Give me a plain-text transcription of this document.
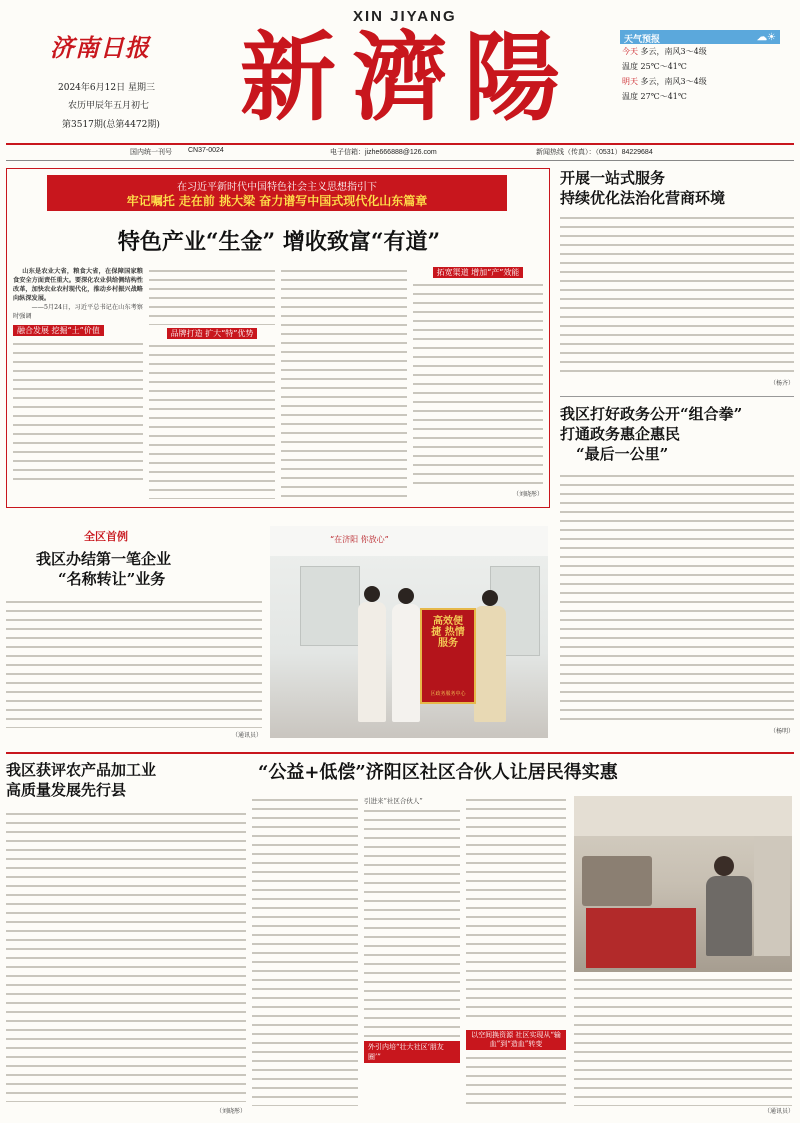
济南日报
2024年6月12日 星期三
农历甲辰年五月初七
第3517期(总第4472期)
XIN JIYANG
新濟陽	天气预报	☁☀
今天 多云，南风3～4级
温度 25℃～41℃
明天 多云，南风3～4级
温度 27℃～41℃
国内统一刊号 CN37-0024	电子信箱：jizhe666888@126.com	新闻热线（传真）：（0531）84229684
在习近平新时代中国特色社会主义思想指引下
牢记嘱托 走在前 挑大梁 奋力谱写中国式现代化山东篇章
特色产业“生金” 增收致富“有道”

山东是农业大省，粮食大省，在保障国家粮食安全方面责任重大。要深化农业供给侧结构性改革，加快农业农村现代化，推动乡村振兴战略向纵深发展。

——5月24日，习近平总书记在山东考察时强调

融合发展 挖掘“土”价值	品牌打造 扩大“特”优势
拓宽渠道 增加“产”效能
（刘晓彤）
开展一站式服务
持续优化法治化营商环境
（杨齐）
我区打好政务公开“组合拳”
打通政务惠企惠民
“最后一公里”
（杨明）
全区首例
我区办结第一笔企业
“名称转让”业务
（通讯员）
“在济阳 你放心”
高效便捷 热情服务
区政务服务中心
我区获评农产品加工业
高质量发展先行县
（刘晓彤）
“公益+低偿”济阳区社区合伙人让居民得实惠
引进来“社区合伙人”
外引内培“壮大社区‘朋友圈’”
以空间换资源 社区实现从“输血”到“造血”转变
（通讯员）
